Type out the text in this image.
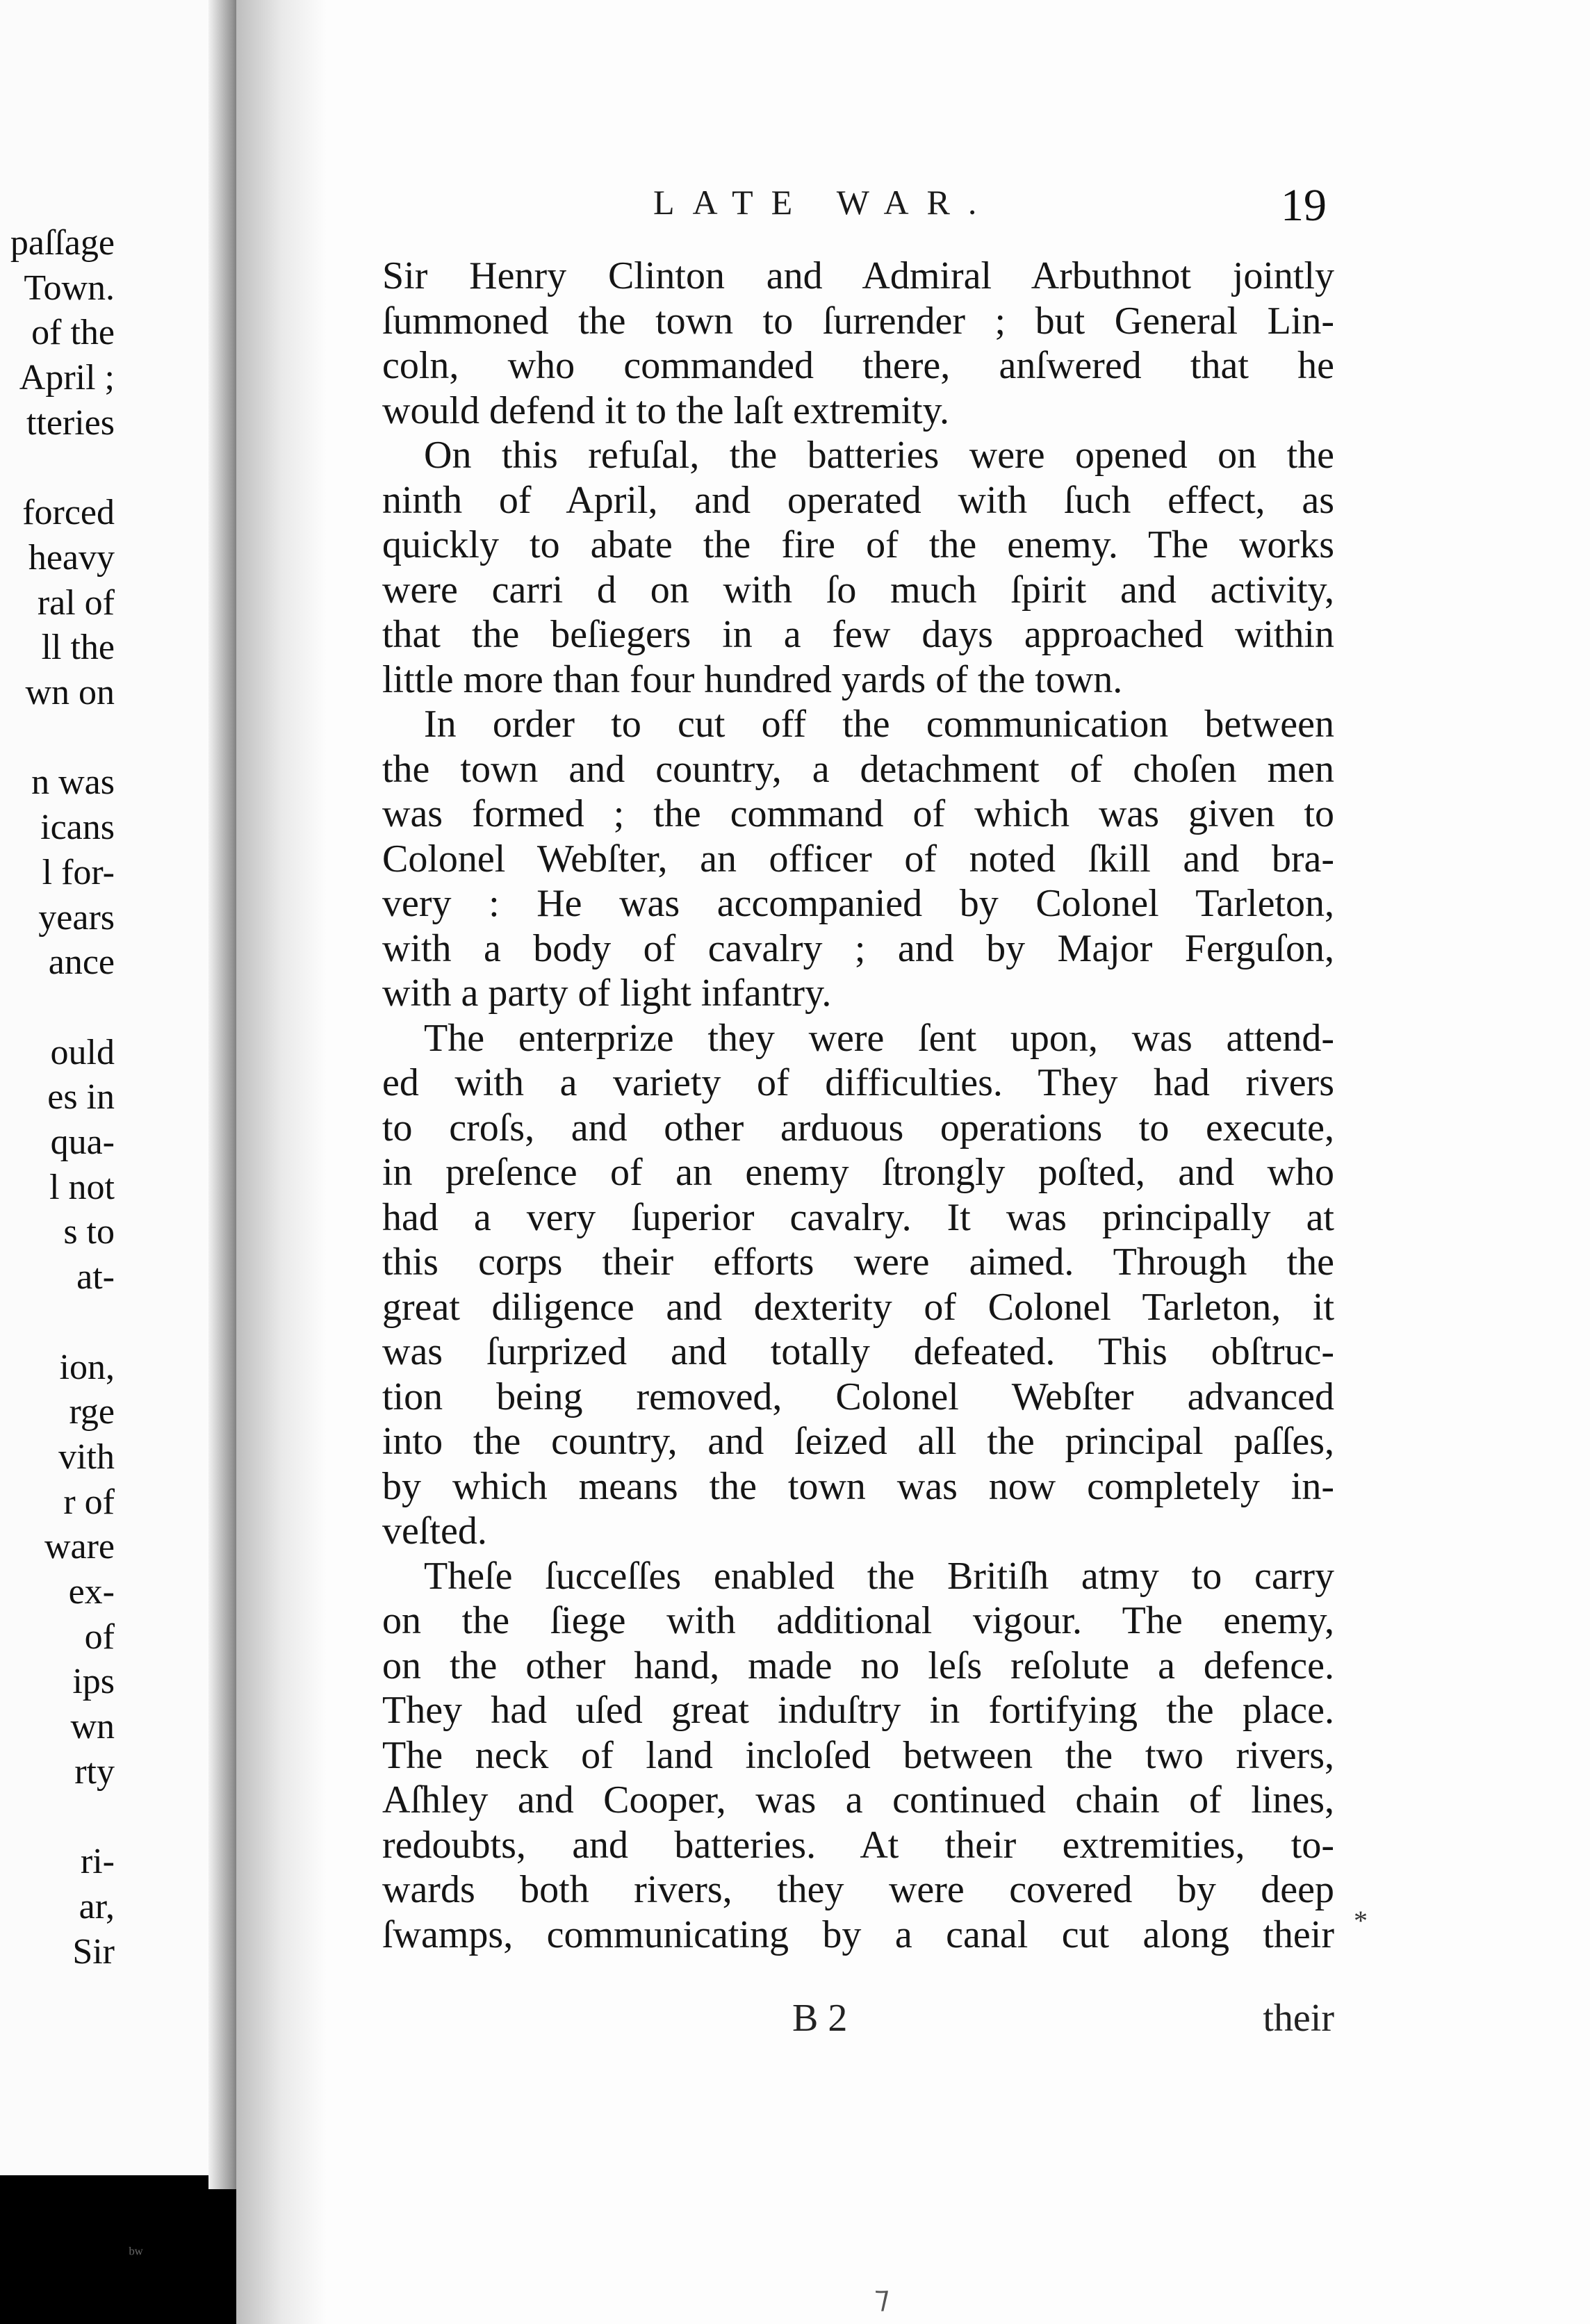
paſſage
Town.
of the
April ;
tteries
forced
heavy
ral of
ll the
wn on
n was
icans
l for-
years
ance
ould
es in
qua-
l not
s to
at-
ion,
rge
vith
r of
ware
ex-
of
ips
wn
rty
ri-
ar,
Sir
LATE WAR.	19
Sir Henry Clinton and Admiral Arbuthnot jointly
ſummoned the town to ſurrender ; but General Lin-
coln, who commanded there, anſwered that he
would defend it to the laſt extremity.
On this refuſal, the batteries were opened on the
ninth of April, and operated with ſuch effect, as
quickly to abate the fire of the enemy. The works
were carri d on with ſo much ſpirit and activity,
that the beſiegers in a few days approached within
little more than four hundred yards of the town.
In order to cut off the communication between
the town and country, a detachment of choſen men
was formed ; the command of which was given to
Colonel Webſter, an officer of noted ſkill and bra-
very : He was accompanied by Colonel Tarleton,
with a body of cavalry ; and by Major Ferguſon,
with a party of light infantry.
The enterprize they were ſent upon, was attend-
ed with a variety of difficulties. They had rivers
to croſs, and other arduous operations to execute,
in preſence of an enemy ſtrongly poſted, and who
had a very ſuperior cavalry. It was principally at
this corps their efforts were aimed. Through the
great diligence and dexterity of Colonel Tarleton, it
was ſurprized and totally defeated. This obſtruc-
tion being removed, Colonel Webſter advanced
into the country, and ſeized all the principal paſſes,
by which means the town was now completely in-
veſted.
Theſe ſucceſſes enabled the Britiſh atmy to carry
on the ſiege with additional vigour. The enemy,
on the other hand, made no leſs reſolute a defence.
They had uſed great induſtry in fortifying the place.
The neck of land incloſed between the two rivers,
Aſhley and Cooper, was a continued chain of lines,
redoubts, and batteries. At their extremities, to-
wards both rivers, they were covered by deep
ſwamps, communicating by a canal cut along their
B 2	their
*
⁊
ᵇʷ
